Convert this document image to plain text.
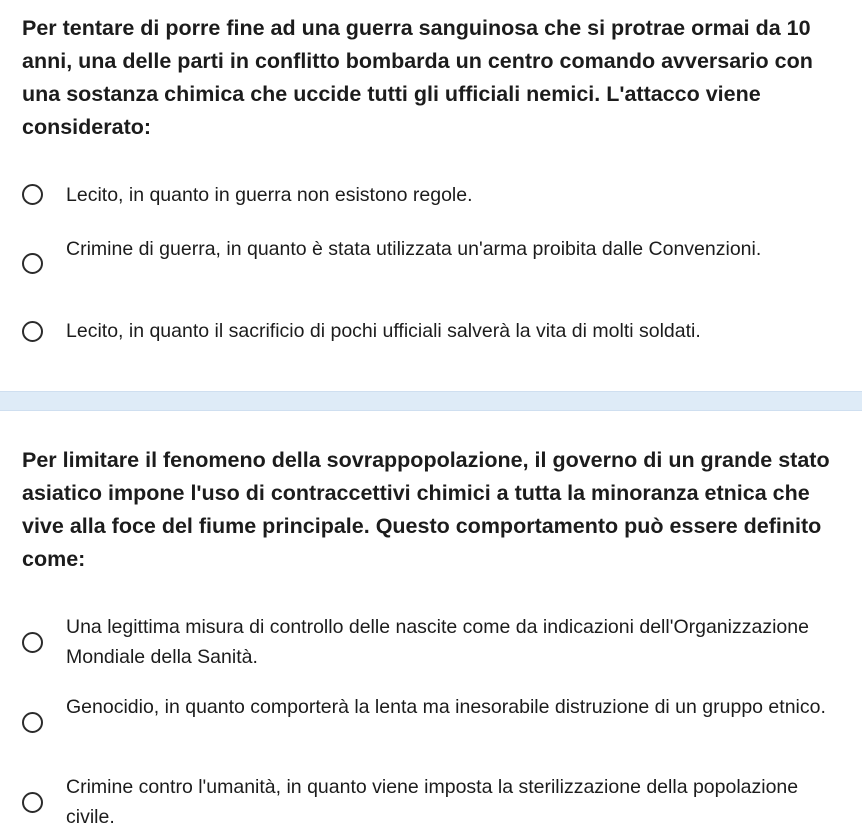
Per tentare di porre fine ad una guerra sanguinosa che si protrae ormai da 10 anni, una delle parti in conflitto bombarda un centro comando avversario con una sostanza chimica che uccide tutti gli ufficiali nemici. L'attacco viene considerato:

Lecito, in quanto in guerra non esistono regole.
Crimine di guerra, in quanto è stata utilizzata un'arma proibita dalle Convenzioni.
Lecito, in quanto il sacrificio di pochi ufficiali salverà la vita di molti soldati.

Per limitare il fenomeno della sovrappopolazione, il governo di un grande stato asiatico impone l'uso di contraccettivi chimici a tutta la minoranza etnica che vive alla foce del fiume principale. Questo comportamento può essere definito come:

Una legittima misura di controllo delle nascite come da indicazioni dell'Organizzazione Mondiale della Sanità.
Genocidio, in quanto comporterà la lenta ma inesorabile distruzione di un gruppo etnico.
Crimine contro l'umanità, in quanto viene imposta la sterilizzazione della popolazione civile.
